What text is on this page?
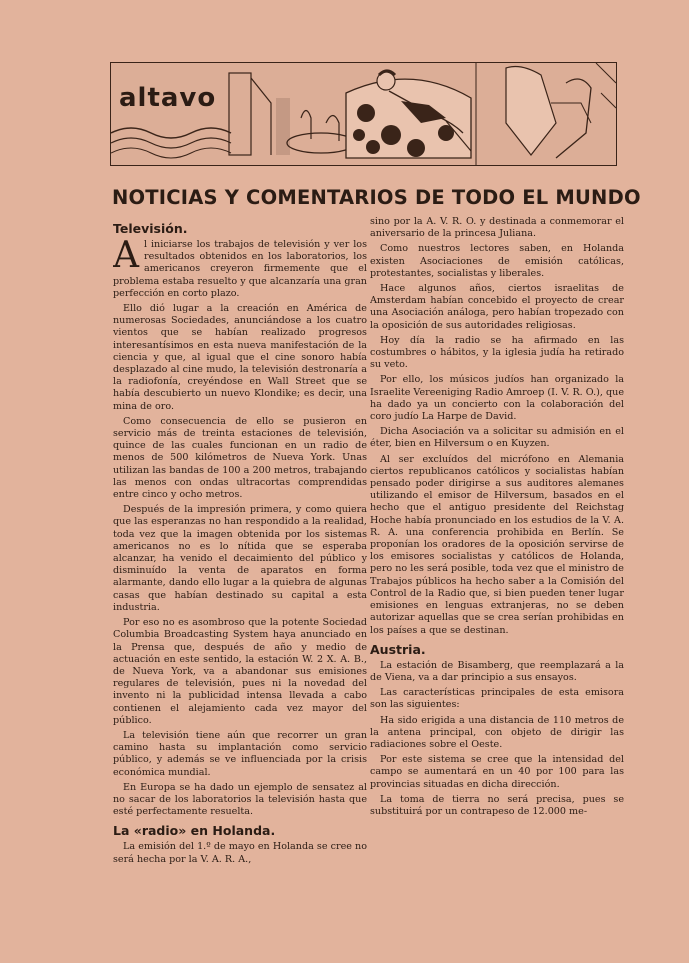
altavo
NOTICIAS Y COMENTARIOS DE TODO EL MUNDO
Televisión.

Al iniciarse los trabajos de televisión y ver los resultados obtenidos en los laboratorios, los americanos creyeron firmemente que el problema estaba resuelto y que alcanzaría una gran perfección en corto plazo.

Ello dió lugar a la creación en América de numerosas Sociedades, anunciándose a los cuatro vientos que se habían realizado progresos interesantísimos en esta nueva manifestación de la ciencia y que, al igual que el cine sonoro había desplazado al cine mudo, la televisión destronaría a la radiofonía, creyéndose en Wall Street que se había descubierto un nuevo Klondike; es decir, una mina de oro.

Como consecuencia de ello se pusieron en servicio más de treinta estaciones de televisión, quince de las cuales funcionan en un radio de menos de 500 kilómetros de Nueva York. Unas utilizan las bandas de 100 a 200 metros, trabajando las menos con ondas ultracortas comprendidas entre cinco y ocho metros.

Después de la impresión primera, y como quiera que las esperanzas no han respondido a la realidad, toda vez que la imagen obtenida por los sistemas americanos no es lo nítida que se esperaba alcanzar, ha venido el decaimiento del público y disminuído la venta de aparatos en forma alarmante, dando ello lugar a la quiebra de algunas casas que habían destinado su capital a esta industria.

Por eso no es asombroso que la potente Sociedad Columbia Broadcasting System haya anunciado en la Prensa que, después de año y medio de actuación en este sentido, la estación W. 2 X. A. B., de Nueva York, va a abandonar sus emisiones regulares de televisión, pues ni la novedad del invento ni la publicidad intensa llevada a cabo contienen el alejamiento cada vez mayor del público.

La televisión tiene aún que recorrer un gran camino hasta su implantación como servicio público, y además se ve influenciada por la crisis económica mundial.

En Europa se ha dado un ejemplo de sensatez al no sacar de los laboratorios la televisión hasta que esté perfectamente resuelta.

La «radio» en Holanda.

La emisión del 1.º de mayo en Holanda se cree no será hecha por la V. A. R. A.,

sino por la A. V. R. O. y destinada a conmemorar el aniversario de la princesa Juliana.

Como nuestros lectores saben, en Holanda existen Asociaciones de emisión católicas, protestantes, socialistas y liberales.

Hace algunos años, ciertos israelitas de Amsterdam habían concebido el proyecto de crear una Asociación análoga, pero habían tropezado con la oposición de sus autoridades religiosas.

Hoy día la radio se ha afirmado en las costumbres o hábitos, y la iglesia judía ha retirado su veto.

Por ello, los músicos judíos han organizado la Israelite Vereeniging Radio Amroep (I. V. R. O.), que ha dado ya un concierto con la colaboración del coro judío La Harpe de David.

Dicha Asociación va a solicitar su admisión en el éter, bien en Hilversum o en Kuyzen.

Al ser excluídos del micrófono en Alemania ciertos republicanos católicos y socialistas habían pensado poder dirigirse a sus auditores alemanes utilizando el emisor de Hilversum, basados en el hecho que el antiguo presidente del Reichstag Hoche había pronunciado en los estudios de la V. A. R. A. una conferencia prohibida en Berlín. Se proponían los oradores de la oposición servirse de los emisores socialistas y católicos de Holanda, pero no les será posible, toda vez que el ministro de Trabajos públicos ha hecho saber a la Comisión del Control de la Radio que, si bien pueden tener lugar emisiones en lenguas extranjeras, no se deben autorizar aquellas que se crea serían prohibidas en los países a que se destinan.

Austria.

La estación de Bisamberg, que reemplazará a la de Viena, va a dar principio a sus ensayos.

Las características principales de esta emisora son las siguientes:

Ha sido erigida a una distancia de 110 metros de la antena principal, con objeto de dirigir las radiaciones sobre el Oeste.

Por este sistema se cree que la intensidad del campo se aumentará en un 40 por 100 para las provincias situadas en dicha dirección.

La toma de tierra no será precisa, pues se substituirá por un contrapeso de 12.000 me-
